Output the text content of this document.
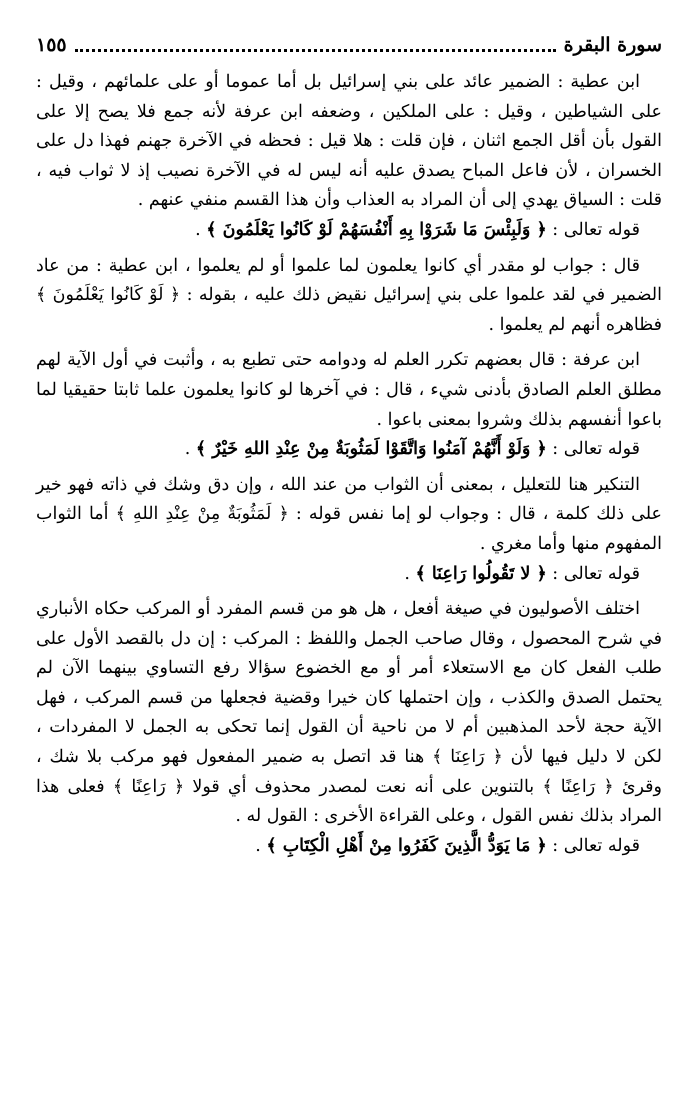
سورة البقرة
١٥٥

ابن عطية : الضمير عائد على بني إسرائيل بل أما عموما أو على علمائهم ، وقيل : على الشياطين ، وقيل : على الملكين ، وضعفه ابن عرفة لأنه جمع فلا يصح إلا على القول بأن أقل الجمع اثنان ، فإن قلت : هلا قيل : فحظه في الآخرة جهنم فهذا دل على الخسران ، لأن فاعل المباح يصدق عليه أنه ليس له في الآخرة نصيب إذ لا ثواب فيه ، قلت : السياق يهدي إلى أن المراد به العذاب وأن هذا القسم منفي عنهم .

قوله تعالى : ﴿ وَلَبِئْسَ مَا شَرَوْا بِهِ أَنْفُسَهُمْ لَوْ كَانُوا يَعْلَمُونَ ﴾ .

قال : جواب لو مقدر أي كانوا يعلمون لما علموا أو لم يعلموا ، ابن عطية : من عاد الضمير في لقد علموا على بني إسرائيل نقيض ذلك عليه ، بقوله : ﴿ لَوْ كَانُوا يَعْلَمُونَ ﴾ فظاهره أنهم لم يعلموا .

ابن عرفة : قال بعضهم تكرر العلم له ودوامه حتى تطبع به ، وأثبت في أول الآية لهم مطلق العلم الصادق بأدنى شيء ، قال : في آخرها لو كانوا يعلمون علما ثابتا حقيقيا لما باعوا أنفسهم بذلك وشروا بمعنى باعوا .

قوله تعالى : ﴿ وَلَوْ أَنَّهُمْ آمَنُوا وَاتَّقَوْا لَمَثُوبَةٌ مِنْ عِنْدِ اللهِ خَيْرٌ ﴾ .

التنكير هنا للتعليل ، بمعنى أن الثواب من عند الله ، وإن دق وشك في ذاته فهو خير على ذلك كلمة ، قال : وجواب لو إما نفس قوله : ﴿ لَمَثُوبَةٌ مِنْ عِنْدِ اللهِ ﴾ أما الثواب المفهوم منها وأما مغري .

قوله تعالى : ﴿ لا تَقُولُوا رَاعِنَا ﴾ .

اختلف الأصوليون في صيغة أفعل ، هل هو من قسم المفرد أو المركب حكاه الأنباري في شرح المحصول ، وقال صاحب الجمل واللفظ : المركب : إن دل بالقصد الأول على طلب الفعل كان مع الاستعلاء أمر أو مع الخضوع سؤالا رفع التساوي بينهما الآن لم يحتمل الصدق والكذب ، وإن احتملها كان خيرا وقضية فجعلها من قسم المركب ، فهل الآية حجة لأحد المذهبين أم لا من ناحية أن القول إنما تحكى به الجمل لا المفردات ، لكن لا دليل فيها لأن ﴿ رَاعِنَا ﴾ هنا قد اتصل به ضمير المفعول فهو مركب بلا شك ، وقرئ ﴿ رَاعِنًا ﴾ بالتنوين على أنه نعت لمصدر محذوف أي قولا ﴿ رَاعِنًا ﴾ فعلى هذا المراد بذلك نفس القول ، وعلى القراءة الأخرى : القول له .

قوله تعالى : ﴿ مَا يَوَدُّ الَّذِينَ كَفَرُوا مِنْ أَهْلِ الْكِتَابِ ﴾ .
